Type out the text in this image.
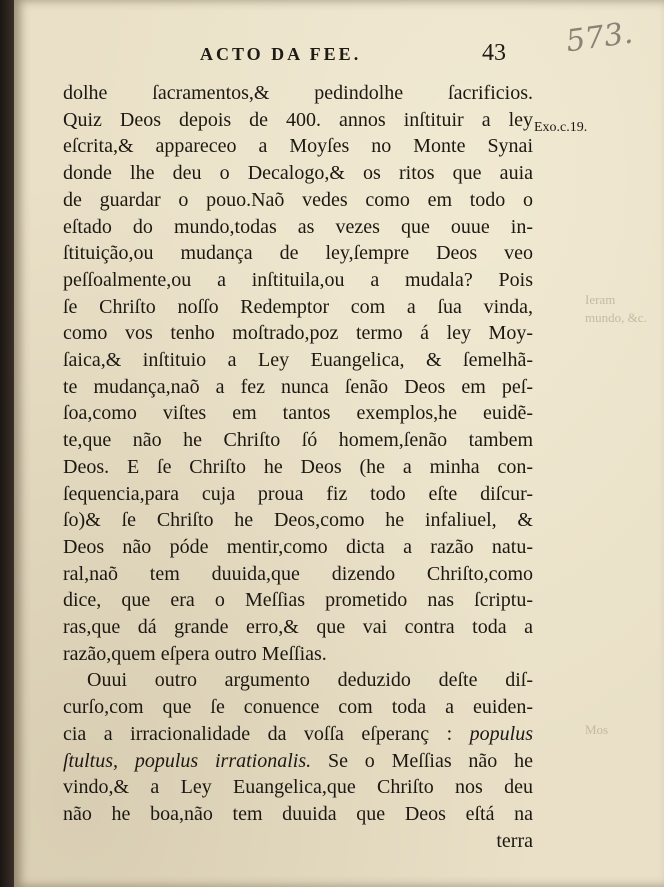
ACTO DA FEE.	43 573.
Exo.c.19.
Ieram
mundo, &c.
Mos
dolhe ſacramentos,& pedindolhe ſacrificios.
Quiz Deos depois de 400. annos inſtituir a ley
eſcrita,& appareceo a Moyſes no Monte Synai
donde lhe deu o Decalogo,& os ritos que auia
de guardar o pouo.Naõ vedes como em todo o
eſtado do mundo,todas as vezes que ouue in-
ſtituição,ou mudança de ley,ſempre Deos veo
peſſoalmente,ou a inſtituila,ou a mudala? Pois
ſe Chriſto noſſo Redemptor com a ſua vinda,
como vos tenho moſtrado,poz termo á ley Moy-
ſaica,& inſtituio a Ley Euangelica, & ſemelhã-
te mudança,naõ a fez nunca ſenão Deos em peſ-
ſoa,como viſtes em tantos exemplos,he euidẽ-
te,que não he Chriſto ſó homem,ſenão tambem
Deos. E ſe Chriſto he Deos (he a minha con-
ſequencia,para cuja proua fiz todo eſte diſcur-
ſo)& ſe Chriſto he Deos,como he infaliuel, &
Deos não póde mentir,como dicta a razão natu-
ral,naõ tem duuida,que dizendo Chriſto,como
dice, que era o Meſſias prometido nas ſcriptu-
ras,que dá grande erro,& que vai contra toda a
razão,quem eſpera outro Meſſias.
Ouui outro argumento deduzido deſte diſ-
curſo,com que ſe conuence com toda a euiden-
cia a irracionalidade da voſſa eſperanç : populus
ſtultus, populus irrationalis. Se o Meſſias não he
vindo,& a Ley Euangelica,que Chriſto nos deu
não he boa,não tem duuida que Deos eſtá na
terra
